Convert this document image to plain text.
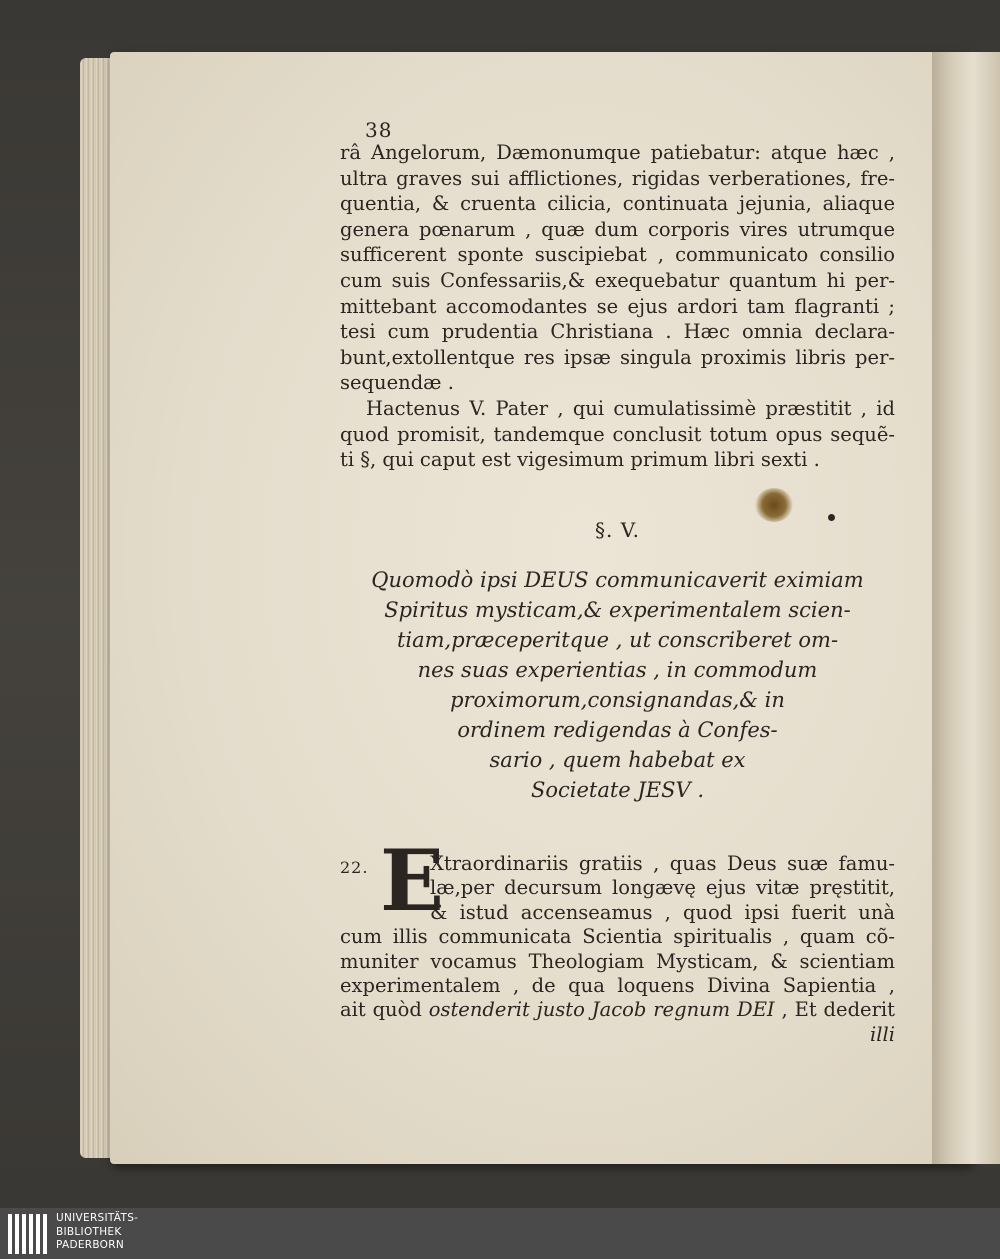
38
râ Angelorum, Dæmonumque patiebatur: atque hæc ,
ultra graves sui afflictiones, rigidas verberationes, fre-
quentia, & cruenta cilicia, continuata jejunia, aliaque
genera pœnarum , quæ dum corporis vires utrumque
sufficerent sponte suscipiebat , communicato consilio
cum suis Confessariis,& exequebatur quantum hi per-
mittebant accomodantes se ejus ardori tam flagranti ;
tesi cum prudentia Christiana . Hæc omnia declara-
bunt,extollentque res ipsæ singula proximis libris per-
sequendæ .
Hactenus V. Pater , qui cumulatissimè præstitit , id
quod promisit, tandemque conclusit totum opus sequẽ-
ti §, qui caput est vigesimum primum libri sexti .
§. V.
Quomodò ipsi DEUS communicaverit eximiam
Spiritus mysticam,& experimentalem scien-
tiam,præceperitque , ut conscriberet om-
nes suas experientias , in commodum
proximorum,consignandas,& in
ordinem redigendas à Confes-
sario , quem habebat ex
Societate JESV .
22. E
Xtraordinariis gratiis , quas Deus suæ famu-
læ,per decursum longævę ejus vitæ pręstitit,
& istud accenseamus , quod ipsi fuerit unà
cum illis communicata Scientia spiritualis , quam cõ-
muniter vocamus Theologiam Mysticam, & scientiam
experimentalem , de qua loquens Divina Sapientia ,
ait quòd ostenderit justo Jacob regnum DEI , Et dederit
illi
UNIVERSITÄTS-
BIBLIOTHEK
PADERBORN
